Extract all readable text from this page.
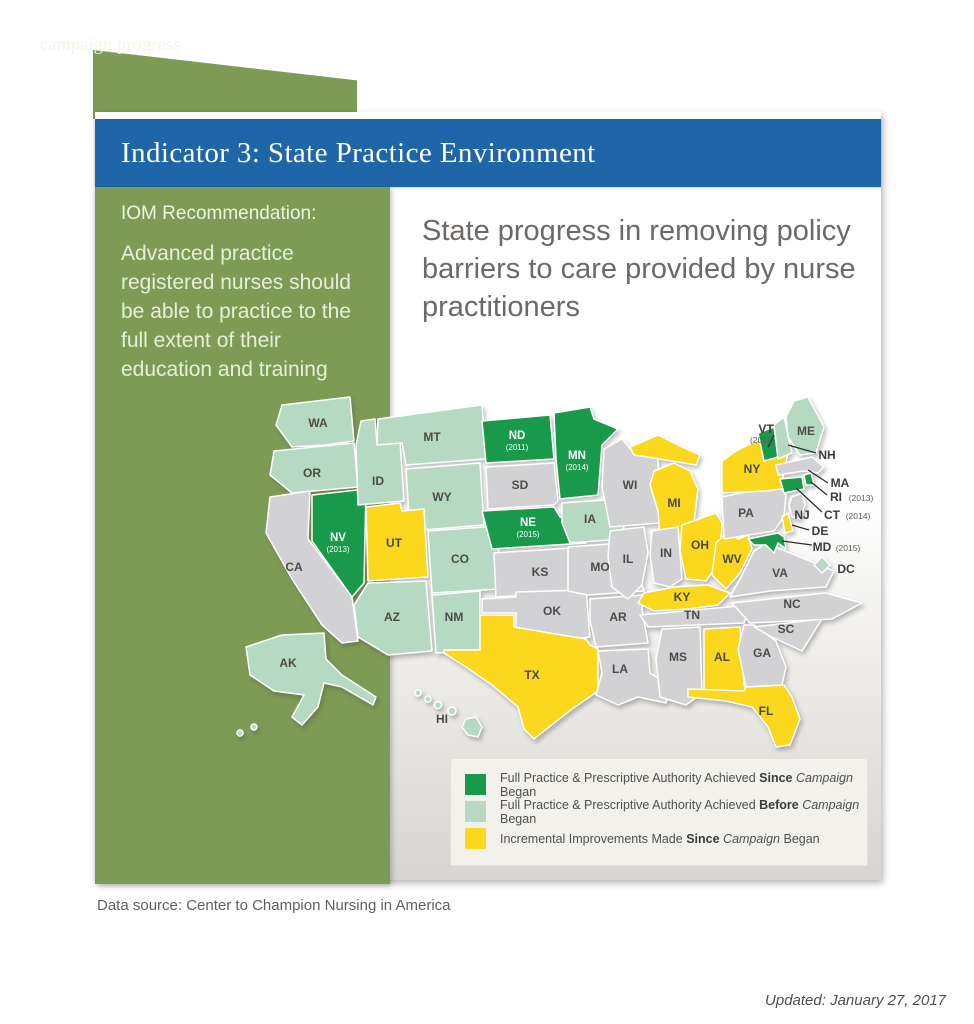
campaign progress
Indicator 3: State Practice Environment
IOM Recommendation:
Advanced practice registered nurses should be able to practice to the full extent of their education and training
State progress in removing policy barriers to care provided by nurse practitioners
WA
OR
CA
NV
(2013)
ID
MT
WY
UT
CO
AZ	NM
ND
(2011)
SD
NE
(2015)
KS
OK
TX
MN
(2014)
IA
MO
AR
LA
WI
IL
MI
IN
OH
KY
TN
MS AL GA
FL
SC
NC
VA
WV
PA
NY
ME
AK
HI
VT
(2011)
NH
MA
RI (2013)
CT (2014)
NJ
DE
MD (2015)
DC
Full Practice & Prescriptive Authority Achieved Since Campaign Began
Full Practice & Prescriptive Authority Achieved Before Campaign Began
Incremental Improvements Made Since Campaign Began
Data source: Center to Champion Nursing in America
Updated: January 27, 2017
